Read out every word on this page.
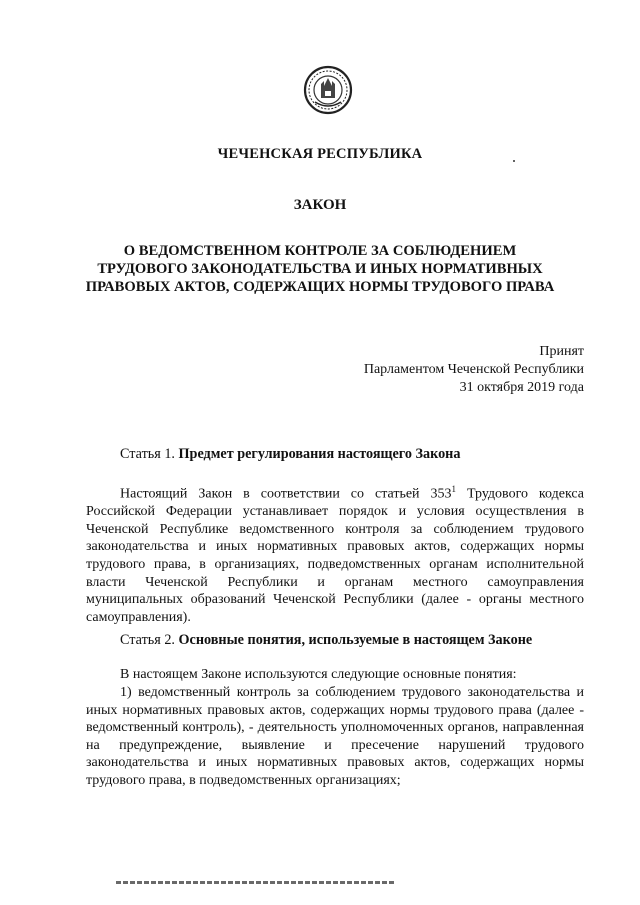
ЧЕЧЕНСКАЯ РЕСПУБЛИКА
ЗАКОН
О ВЕДОМСТВЕННОМ КОНТРОЛЕ ЗА СОБЛЮДЕНИЕМ
ТРУДОВОГО ЗАКОНОДАТЕЛЬСТВА И ИНЫХ НОРМАТИВНЫХ
ПРАВОВЫХ АКТОВ, СОДЕРЖАЩИХ НОРМЫ ТРУДОВОГО ПРАВА
Принят
Парламентом Чеченской Республики
31 октября 2019 года
Статья 1. Предмет регулирования настоящего Закона

Настоящий Закон в соответствии со статьей $353^1$ Трудового кодекса Российской Федерации устанавливает порядок и условия осуществления в Чеченской Республике ведомственного контроля за соблюдением трудового законодательства и иных нормативных правовых актов, содержащих нормы трудового права, в организациях, подведомственных органам исполнительной власти Чеченской Республики и органам местного самоуправления муниципальных образований Чеченской Республики (далее - органы местного самоуправления).

Статья 2. Основные понятия, используемые в настоящем Законе

В настоящем Законе используются следующие основные понятия:

1) ведомственный контроль за соблюдением трудового законодательства и иных нормативных правовых актов, содержащих нормы трудового права (далее - ведомственный контроль), - деятельность уполномоченных органов, направленная на предупреждение, выявление и пресечение нарушений трудового законодательства и иных нормативных правовых актов, содержащих нормы трудового права, в подведомственных организациях;
